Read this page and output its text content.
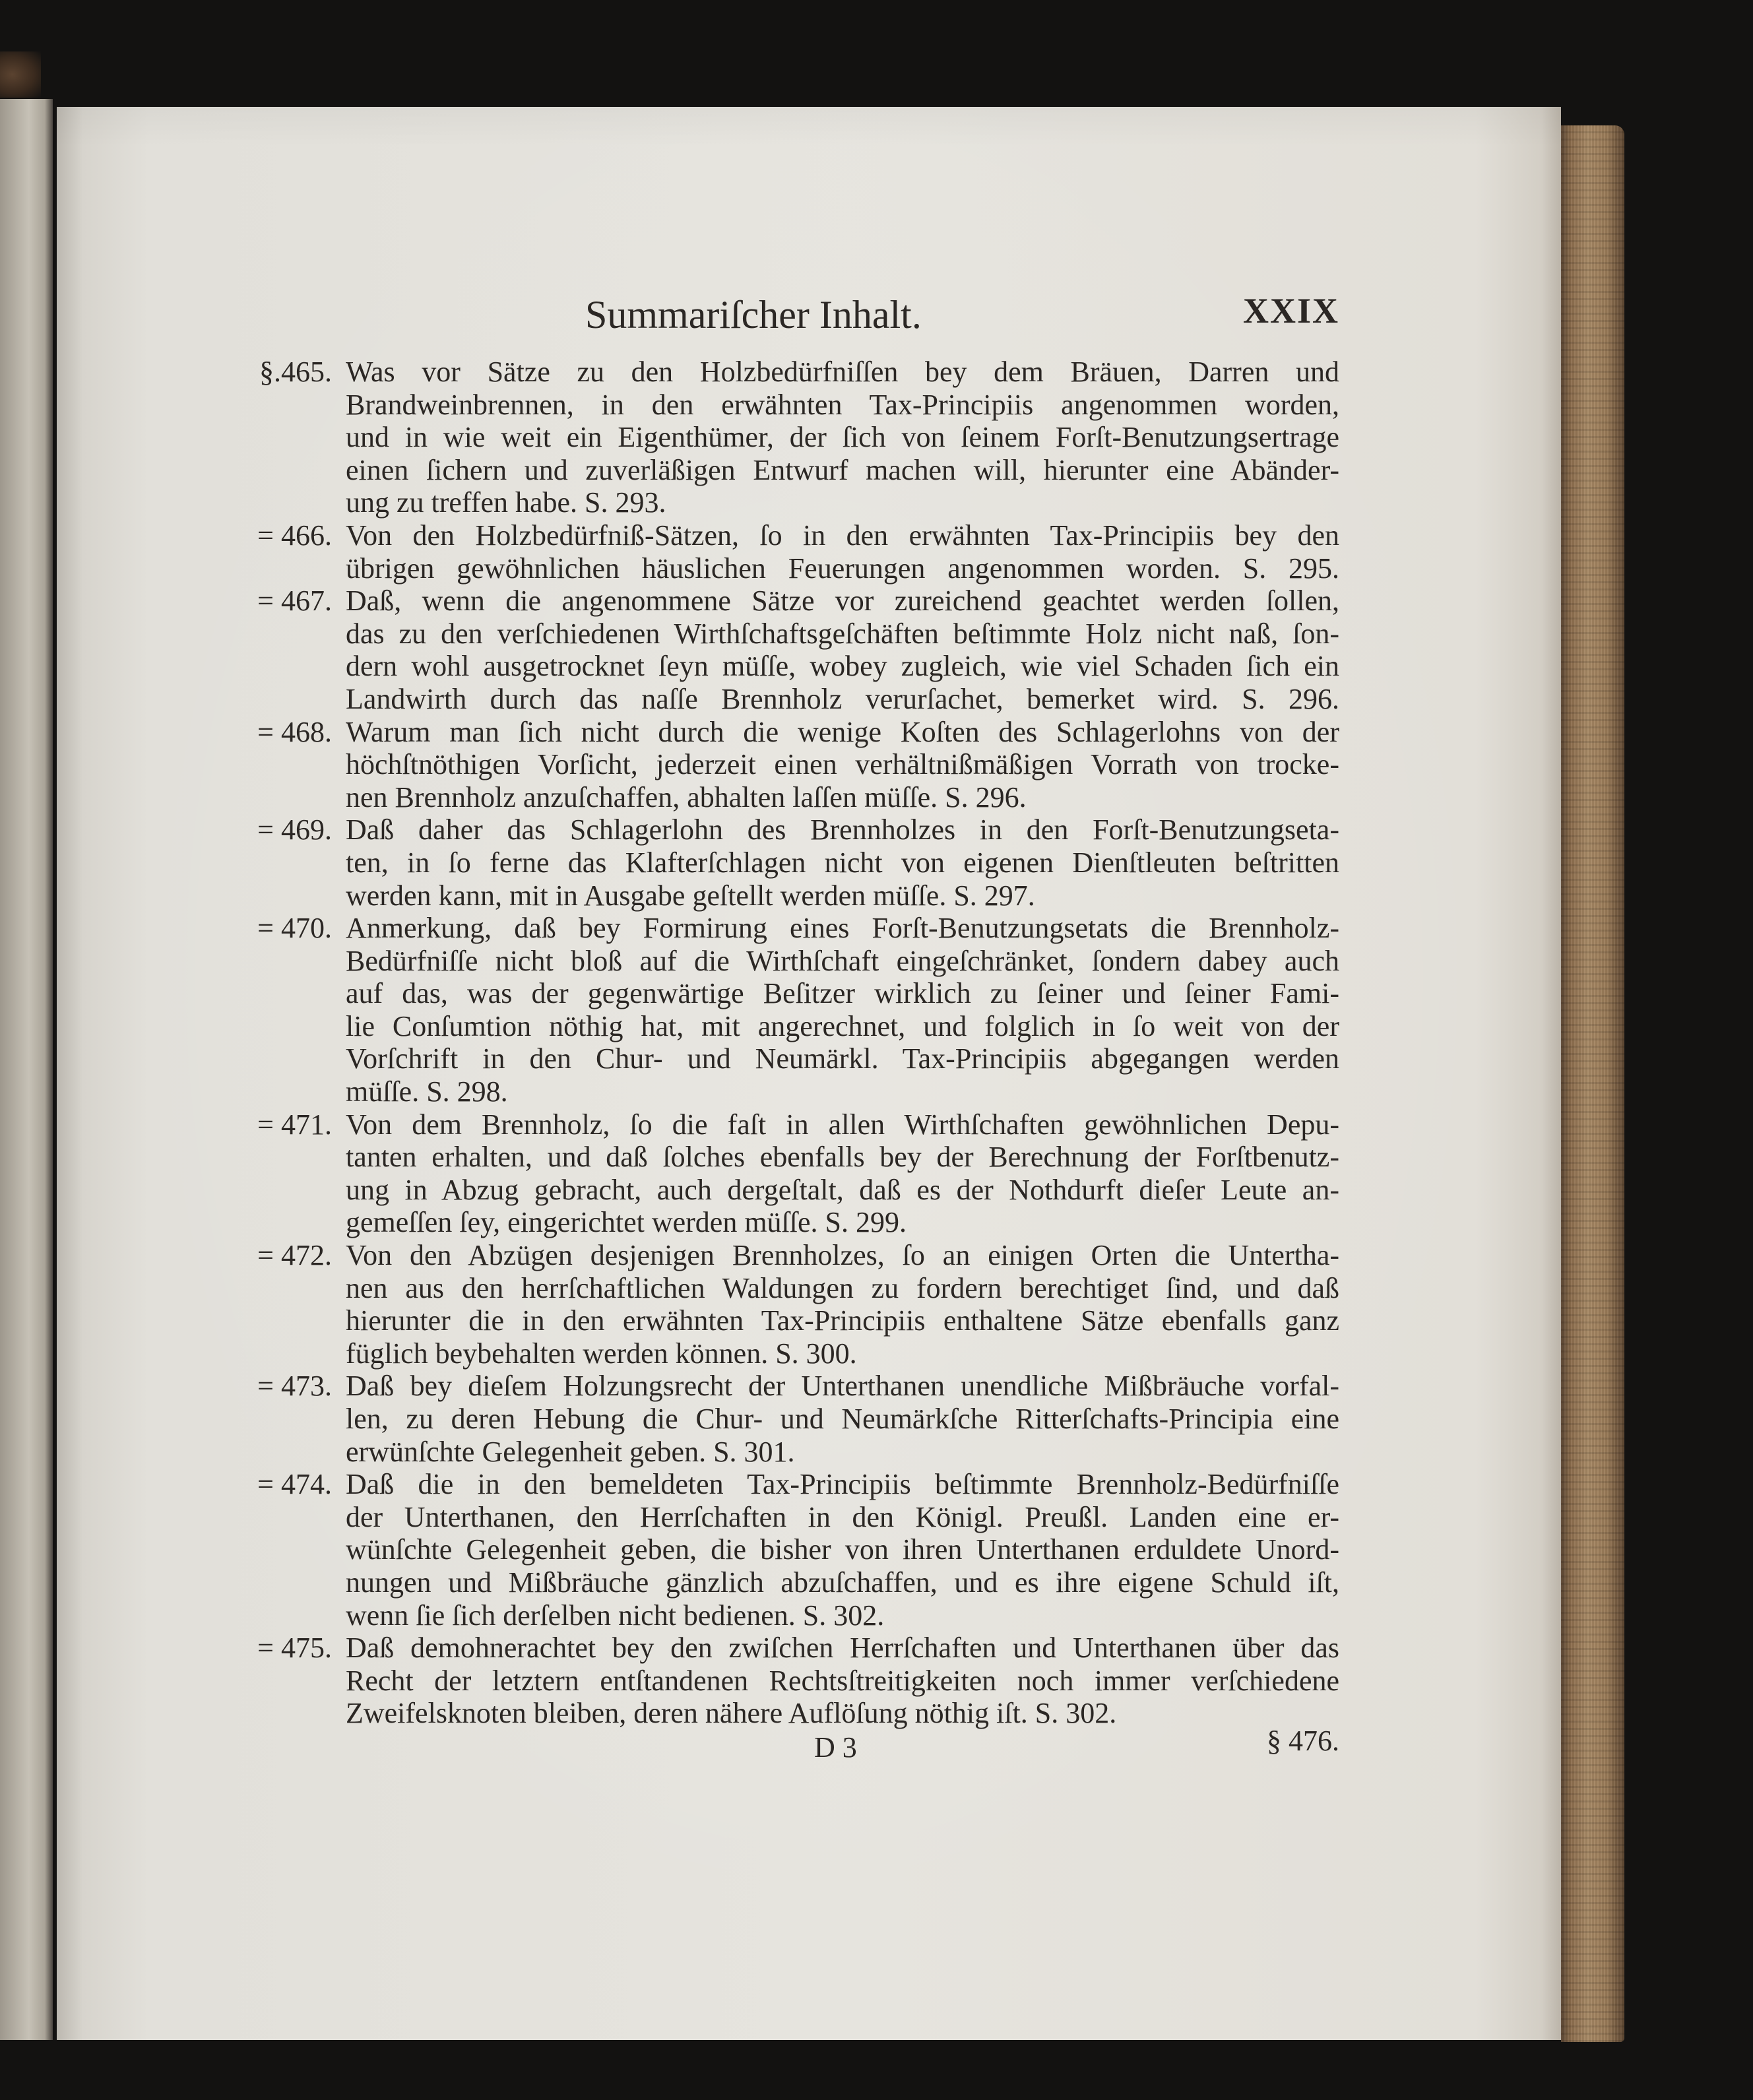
Summariſcher Inhalt.	XXIX
§.465. Was vor Sätze zu den Holzbedürfniſſen bey dem Bräuen, Darren und
Brandweinbrennen, in den erwähnten Tax-Principiis angenommen worden,
und in wie weit ein Eigenthümer, der ſich von ſeinem Forſt-Benutzungsertrage
einen ſichern und zuverläßigen Entwurf machen will, hierunter eine Abänder-
ung zu treffen habe. S. 293.
= 466. Von den Holzbedürfniß-Sätzen, ſo in den erwähnten Tax-Principiis bey den
übrigen gewöhnlichen häuslichen Feuerungen angenommen worden. S. 295.
= 467. Daß, wenn die angenommene Sätze vor zureichend geachtet werden ſollen,
das zu den verſchiedenen Wirthſchaftsgeſchäften beſtimmte Holz nicht naß, ſon-
dern wohl ausgetrocknet ſeyn müſſe, wobey zugleich, wie viel Schaden ſich ein
Landwirth durch das naſſe Brennholz verurſachet, bemerket wird. S. 296.
= 468. Warum man ſich nicht durch die wenige Koſten des Schlagerlohns von der
höchſtnöthigen Vorſicht, jederzeit einen verhältnißmäßigen Vorrath von trocke-
nen Brennholz anzuſchaffen, abhalten laſſen müſſe. S. 296.
= 469. Daß daher das Schlagerlohn des Brennholzes in den Forſt-Benutzungseta-
ten, in ſo ferne das Klafterſchlagen nicht von eigenen Dienſtleuten beſtritten
werden kann, mit in Ausgabe geſtellt werden müſſe. S. 297.
= 470. Anmerkung, daß bey Formirung eines Forſt-Benutzungsetats die Brennholz-
Bedürfniſſe nicht bloß auf die Wirthſchaft eingeſchränket, ſondern dabey auch
auf das, was der gegenwärtige Beſitzer wirklich zu ſeiner und ſeiner Fami-
lie Conſumtion nöthig hat, mit angerechnet, und folglich in ſo weit von der
Vorſchrift in den Chur- und Neumärkl. Tax-Principiis abgegangen werden
müſſe. S. 298.
= 471. Von dem Brennholz, ſo die faſt in allen Wirthſchaften gewöhnlichen Depu-
tanten erhalten, und daß ſolches ebenfalls bey der Berechnung der Forſtbenutz-
ung in Abzug gebracht, auch dergeſtalt, daß es der Nothdurft dieſer Leute an-
gemeſſen ſey, eingerichtet werden müſſe. S. 299.
= 472. Von den Abzügen desjenigen Brennholzes, ſo an einigen Orten die Untertha-
nen aus den herrſchaftlichen Waldungen zu fordern berechtiget ſind, und daß
hierunter die in den erwähnten Tax-Principiis enthaltene Sätze ebenfalls ganz
füglich beybehalten werden können. S. 300.
= 473. Daß bey dieſem Holzungsrecht der Unterthanen unendliche Mißbräuche vorfal-
len, zu deren Hebung die Chur- und Neumärkſche Ritterſchafts-Principia eine
erwünſchte Gelegenheit geben. S. 301.
= 474. Daß die in den bemeldeten Tax-Principiis beſtimmte Brennholz-Bedürfniſſe
der Unterthanen, den Herrſchaften in den Königl. Preußl. Landen eine er-
wünſchte Gelegenheit geben, die bisher von ihren Unterthanen erduldete Unord-
nungen und Mißbräuche gänzlich abzuſchaffen, und es ihre eigene Schuld iſt,
wenn ſie ſich derſelben nicht bedienen. S. 302.
= 475. Daß demohnerachtet bey den zwiſchen Herrſchaften und Unterthanen über das
Recht der letztern entſtandenen Rechtsſtreitigkeiten noch immer verſchiedene
Zweifelsknoten bleiben, deren nähere Auflöſung nöthig iſt. S. 302.
D 3	§ 476.
